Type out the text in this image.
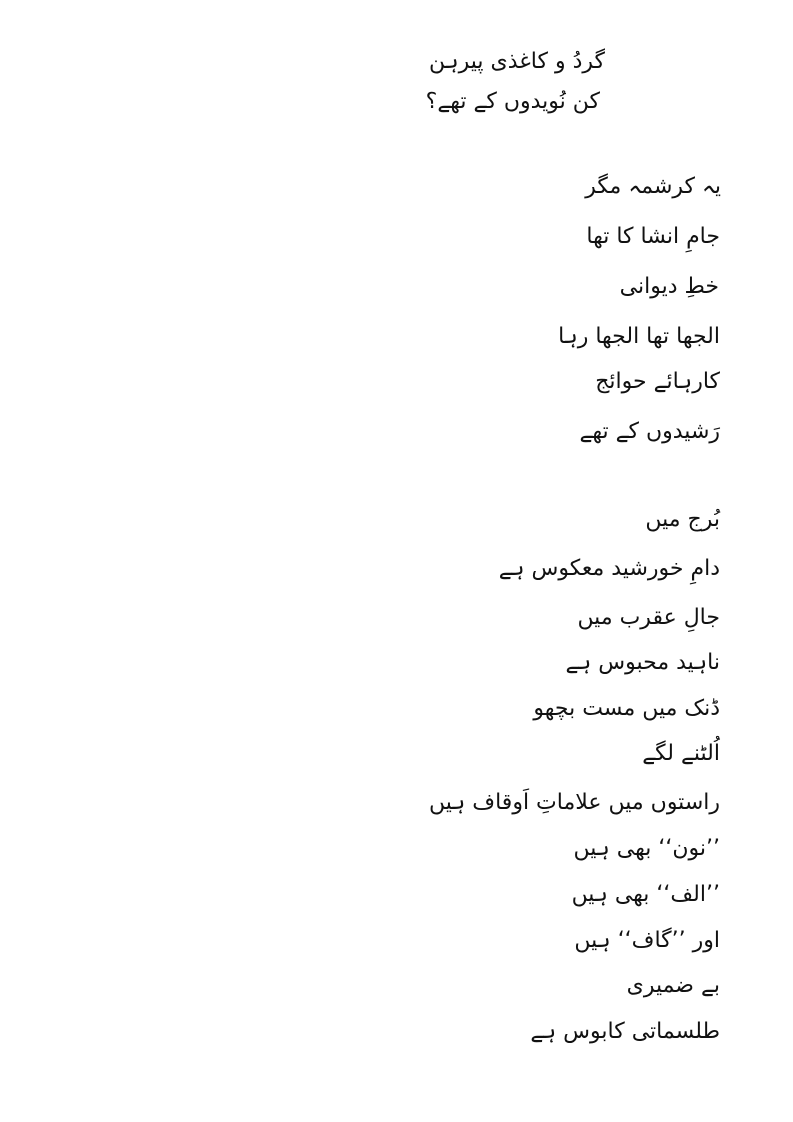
گردُ و کاغذی پیرہن
کن نُویدوں کے تھے؟
یہ کرشمہ مگر
جامِ انشا کا تھا
خطِ دیوانی
الجھا تھا الجھا رہا
کارہائے حوائج
رَشیدوں کے تھے
بُرج میں
دامِ خورشید معکوس ہے
جالِ عقرب میں
ناہید محبوس ہے
ڈنک میں مست بچھو
اُلٹنے لگے
راستوں میں علاماتِ اَوقاف ہیں
’’نون‘‘ بھی ہیں
’’الف‘‘ بھی ہیں
اور ’’گاف‘‘ ہیں
بے ضمیری
طلسماتی کابوس ہے
